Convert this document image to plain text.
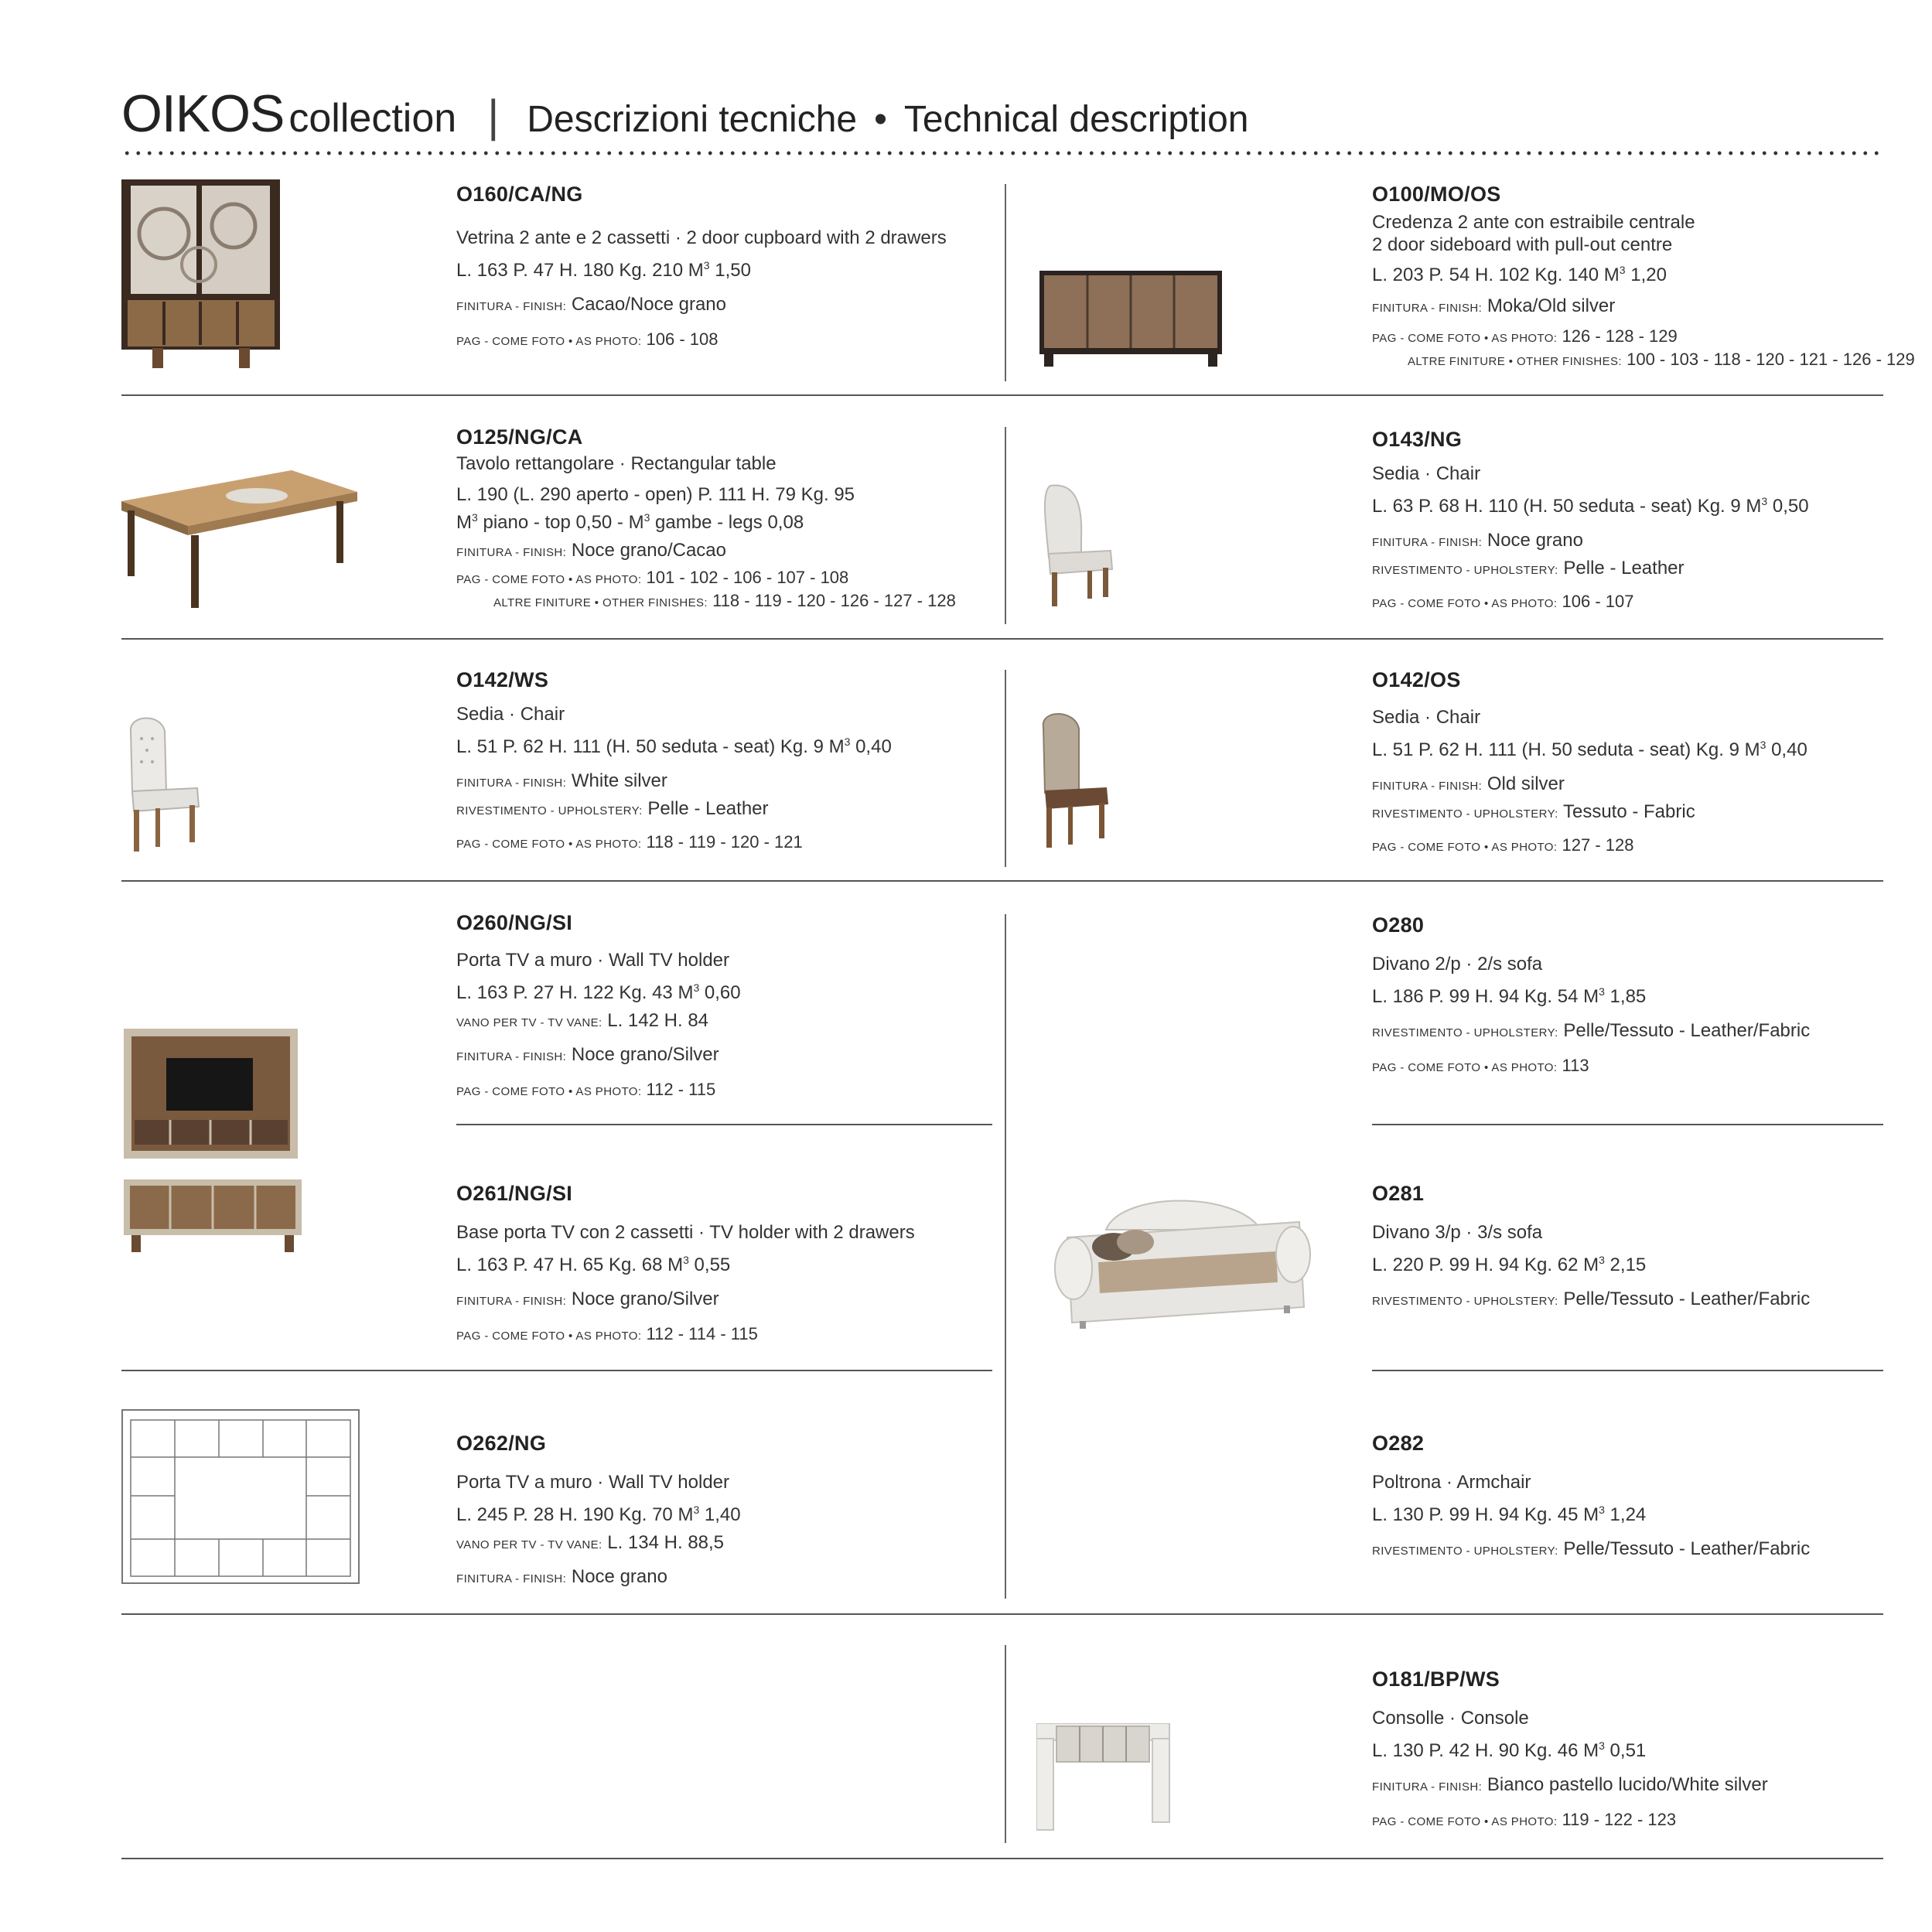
OIKOS collection | Descrizioni tecniche • Technical description
O160/CA/NG
Vetrina 2 ante e 2 cassetti · 2 door cupboard with 2 drawers
L. 163 P. 47 H. 180 Kg. 210 $M^3$ 1,50
FINITURA - FINISH: Cacao/Noce grano
PAG - COME FOTO • AS PHOTO: 106 - 108
O100/MO/OS
Credenza 2 ante con estraibile centrale
2 door sideboard with pull-out centre
L. 203 P. 54 H. 102 Kg. 140 $M^3$ 1,20
FINITURA - FINISH: Moka/Old silver
PAG - COME FOTO • AS PHOTO: 126 - 128 - 129
ALTRE FINITURE • OTHER FINISHES: 100 - 103 - 118 - 120 - 121 - 126 - 129
O125/NG/CA
Tavolo rettangolare · Rectangular table
L. 190 (L. 290 aperto - open) P. 111 H. 79 Kg. 95
$M^3$ piano - top $0,50 - M^3$ gambe - legs 0,08
FINITURA - FINISH: Noce grano/Cacao
PAG - COME FOTO • AS PHOTO: 101 - 102 - 106 - 107 - 108
ALTRE FINITURE • OTHER FINISHES: 118 - 119 - 120 - 126 - 127 - 128
O143/NG
Sedia · Chair
L. 63 P. 68 H. 110 (H. 50 seduta - seat) Kg. 9 $M^3$ 0,50
FINITURA - FINISH: Noce grano
RIVESTIMENTO - UPHOLSTERY: Pelle - Leather
PAG - COME FOTO • AS PHOTO: 106 - 107
O142/WS
Sedia · Chair
L. 51 P. 62 H. 111 (H. 50 seduta - seat) Kg. 9 $M^3$ 0,40
FINITURA - FINISH: White silver
RIVESTIMENTO - UPHOLSTERY: Pelle - Leather
PAG - COME FOTO • AS PHOTO: 118 - 119 - 120 - 121
O142/OS
Sedia · Chair
L. 51 P. 62 H. 111 (H. 50 seduta - seat) Kg. 9 $M^3$ 0,40
FINITURA - FINISH: Old silver
RIVESTIMENTO - UPHOLSTERY: Tessuto - Fabric
PAG - COME FOTO • AS PHOTO: 127 - 128
O260/NG/SI
Porta TV a muro · Wall TV holder
L. 163 P. 27 H. 122 Kg. 43 $M^3$ 0,60
VANO PER TV - TV VANE: L. 142 H. 84
FINITURA - FINISH: Noce grano/Silver
PAG - COME FOTO • AS PHOTO: 112 - 115
O280
Divano 2/p · 2/s sofa
L. 186 P. 99 H. 94 Kg. 54 $M^3$ 1,85
RIVESTIMENTO - UPHOLSTERY: Pelle/Tessuto - Leather/Fabric
PAG - COME FOTO • AS PHOTO: 113
O261/NG/SI
Base porta TV con 2 cassetti · TV holder with 2 drawers
L. 163 P. 47 H. 65 Kg. 68 $M^3$ 0,55
FINITURA - FINISH: Noce grano/Silver
PAG - COME FOTO • AS PHOTO: 112 - 114 - 115
O281
Divano 3/p · 3/s sofa
L. 220 P. 99 H. 94 Kg. 62 $M^3$ 2,15
RIVESTIMENTO - UPHOLSTERY: Pelle/Tessuto - Leather/Fabric
O262/NG
Porta TV a muro · Wall TV holder
L. 245 P. 28 H. 190 Kg. 70 $M^3$ 1,40
VANO PER TV - TV VANE: L. 134 H. 88,5
FINITURA - FINISH: Noce grano
O282
Poltrona · Armchair
L. 130 P. 99 H. 94 Kg. 45 $M^3$ 1,24
RIVESTIMENTO - UPHOLSTERY: Pelle/Tessuto - Leather/Fabric
O181/BP/WS
Consolle · Console
L. 130 P. 42 H. 90 Kg. 46 $M^3$ 0,51
FINITURA - FINISH: Bianco pastello lucido/White silver
PAG - COME FOTO • AS PHOTO: 119 - 122 - 123
